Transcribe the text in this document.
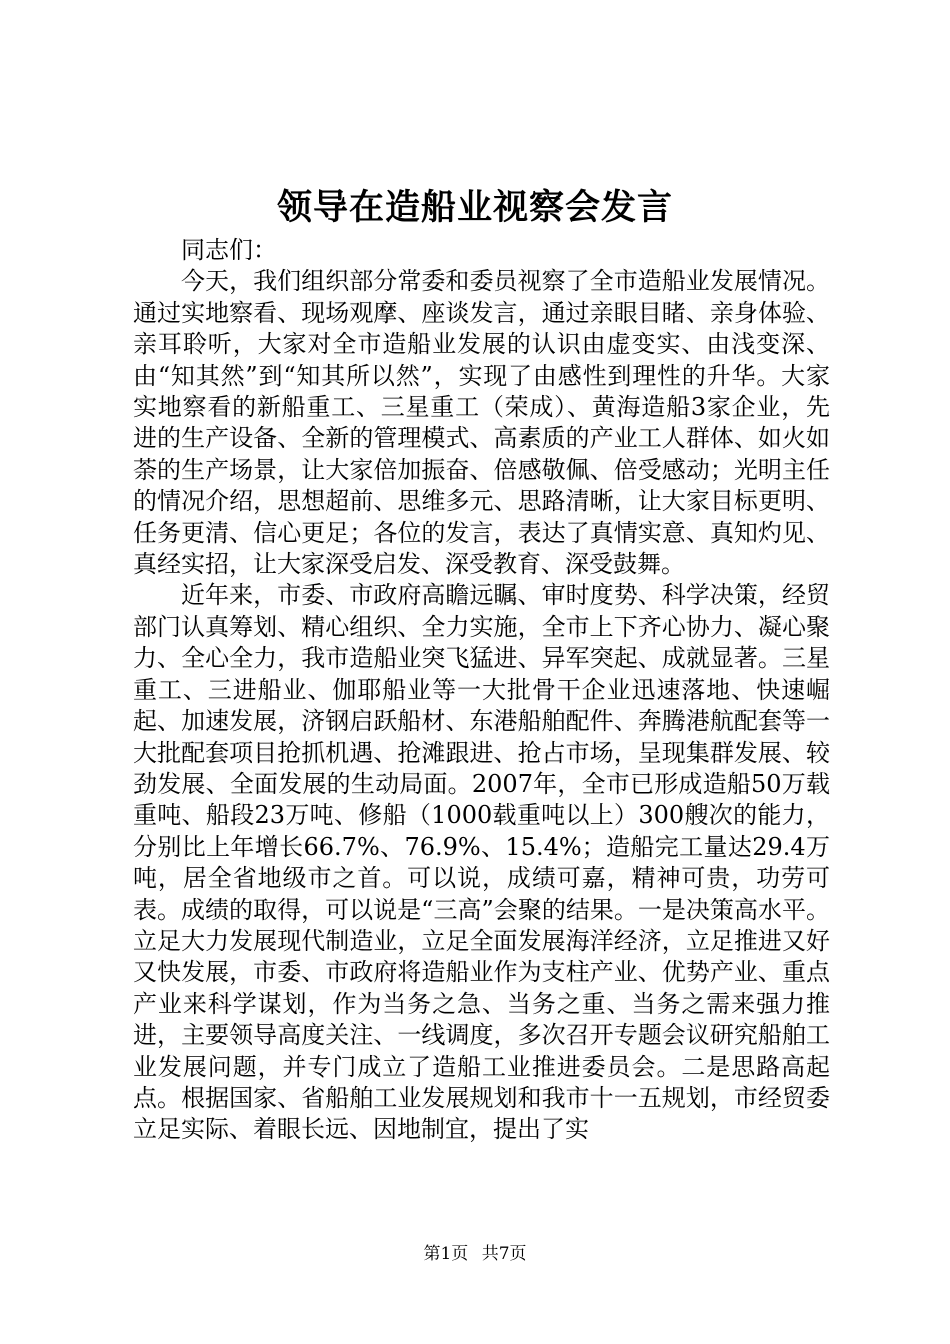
领导在造船业视察会发言

同志们：

今天，我们组织部分常委和委员视察了全市造船业发展情况。通过实地察看、现场观摩、座谈发言，通过亲眼目睹、亲身体验、亲耳聆听，大家对全市造船业发展的认识由虚变实、由浅变深、由“知其然”到“知其所以然”，实现了由感性到理性的升华。大家实地察看的新船重工、三星重工（荣成）、黄海造船3家企业，先进的生产设备、全新的管理模式、高素质的产业工人群体、如火如荼的生产场景，让大家倍加振奋、倍感敬佩、倍受感动；光明主任的情况介绍，思想超前、思维多元、思路清晰，让大家目标更明、任务更清、信心更足；各位的发言，表达了真情实意、真知灼见、真经实招，让大家深受启发、深受教育、深受鼓舞。

近年来，市委、市政府高瞻远瞩、审时度势、科学决策，经贸部门认真筹划、精心组织、全力实施，全市上下齐心协力、凝心聚力、全心全力，我市造船业突飞猛进、异军突起、成就显著。三星重工、三进船业、伽耶船业等一大批骨干企业迅速落地、快速崛起、加速发展，济钢启跃船材、东港船舶配件、奔腾港航配套等一大批配套项目抢抓机遇、抢滩跟进、抢占市场，呈现集群发展、较劲发展、全面发展的生动局面。2007年，全市已形成造船50万载重吨、船段23万吨、修船（1000载重吨以上）300艘次的能力，分别比上年增长66.7%、76.9%、15.4%；造船完工量达29.4万吨，居全省地级市之首。可以说，成绩可嘉，精神可贵，功劳可表。成绩的取得，可以说是“三高”会聚的结果。一是决策高水平。立足大力发展现代制造业，立足全面发展海洋经济，立足推进又好又快发展，市委、市政府将造船业作为支柱产业、优势产业、重点产业来科学谋划，作为当务之急、当务之重、当务之需来强力推进，主要领导高度关注、一线调度，多次召开专题会议研究船舶工业发展问题，并专门成立了造船工业推进委员会。二是思路高起点。根据国家、省船舶工业发展规划和我市十一五规划，市经贸委立足实际、着眼长远、因地制宜，提出了实

第1页 共7页
